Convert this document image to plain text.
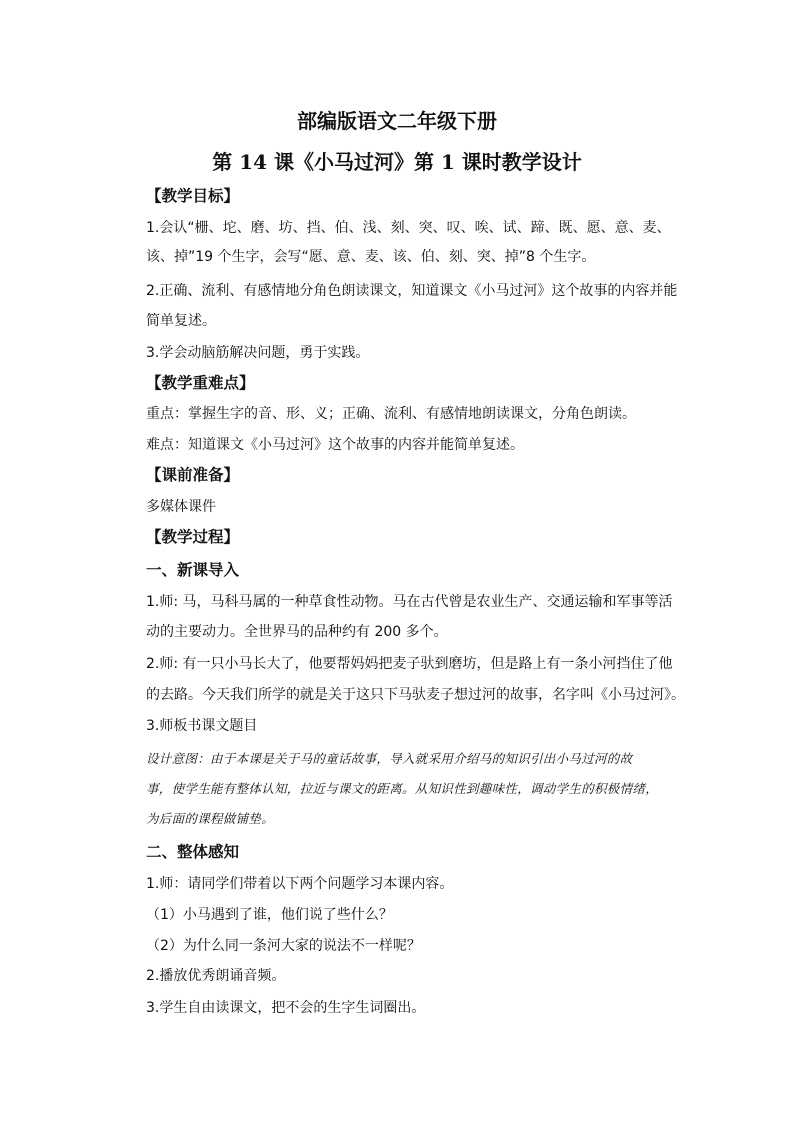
部编版语文二年级下册
第 14 课《小马过河》第 1 课时教学设计
【教学目标】
1.会认“栅、坨、磨、坊、挡、伯、浅、刻、突、叹、唉、试、蹄、既、愿、意、麦、
该、掉”19 个生字，会写“愿、意、麦、该、伯、刻、突、掉”8 个生字。
2.正确、流利、有感情地分角色朗读课文，知道课文《小马过河》这个故事的内容并能
简单复述。
3.学会动脑筋解决问题，勇于实践。
【教学重难点】
重点：掌握生字的音、形、义；正确、流利、有感情地朗读课文，分角色朗读。
难点：知道课文《小马过河》这个故事的内容并能简单复述。
【课前准备】
多媒体课件
【教学过程】
一、新课导入
1.师: 马，马科马属的一种草食性动物。马在古代曾是农业生产、交通运输和军事等活
动的主要动力。全世界马的品种约有 200 多个。
2.师: 有一只小马长大了，他要帮妈妈把麦子驮到磨坊，但是路上有一条小河挡住了他
的去路。今天我们所学的就是关于这只下马驮麦子想过河的故事，名字叫《小马过河》。
3.师板书课文题目
设计意图：由于本课是关于马的童话故事，导入就采用介绍马的知识引出小马过河的故
事，使学生能有整体认知，拉近与课文的距离。从知识性到趣味性，调动学生的积极情绪，
为后面的课程做铺垫。
二、整体感知
1.师：请同学们带着以下两个问题学习本课内容。
（1）小马遇到了谁，他们说了些什么？
（2）为什么同一条河大家的说法不一样呢？
2.播放优秀朗诵音频。
3.学生自由读课文，把不会的生字生词圈出。
